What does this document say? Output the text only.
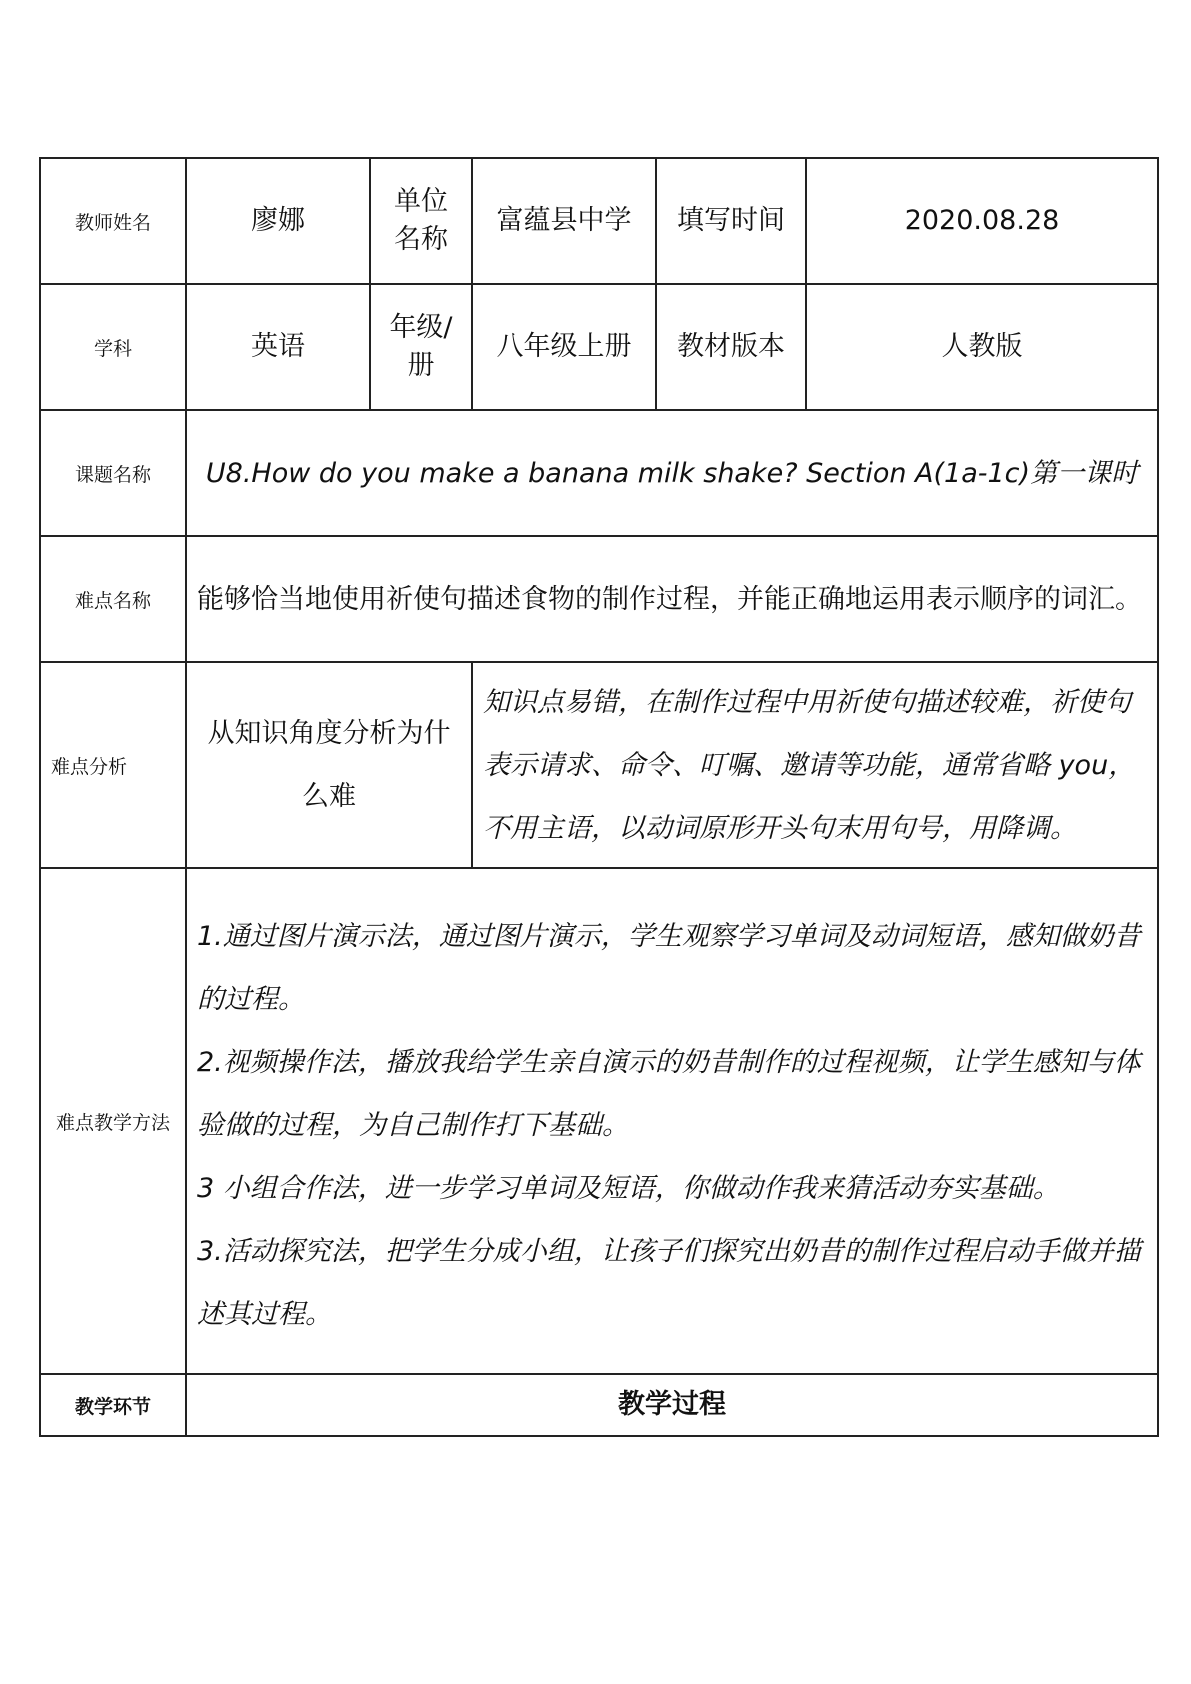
教师姓名	廖娜	单位名称	富蕴县中学	填写时间	2020.08.28
学科	英语	年级/册	八年级上册	教材版本	人教版
课题名称	U8.How do you make a banana milk shake? Section A(1a-1c)第一课时				
难点名称	能够恰当地使用祈使句描述食物的制作过程，并能正确地运用表示顺序的词汇。				
难点分析	从知识角度分析为什么难		知识点易错，在制作过程中用祈使句描述较难，祈使句表示请求、命令、叮嘱、邀请等功能，通常省略 you，不用主语，以动词原形开头句末用句号，用降调。		
难点教学方法	1.通过图片演示法，通过图片演示，学生观察学习单词及动词短语，感知做奶昔的过程。
2.视频操作法，播放我给学生亲自演示的奶昔制作的过程视频，让学生感知与体验做的过程，为自己制作打下基础。
3 小组合作法，进一步学习单词及短语，你做动作我来猜活动夯实基础。
3.活动探究法，把学生分成小组，让孩子们探究出奶昔的制作过程启动手做并描述其过程。				

教学环节	教学过程				
